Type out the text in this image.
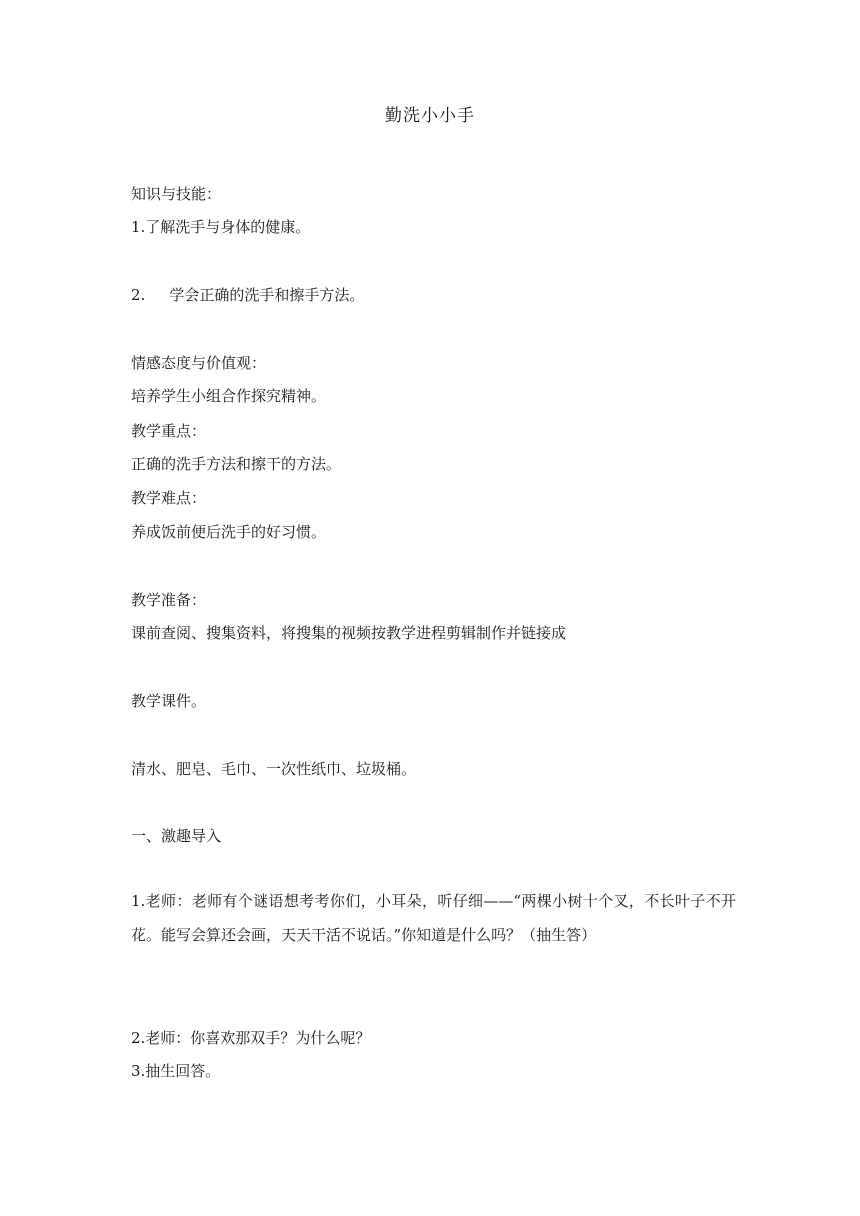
勤洗小小手
知识与技能：
1.了解洗手与身体的健康。
2. 学会正确的洗手和擦手方法。
情感态度与价值观：
培养学生小组合作探究精神。
教学重点：
正确的洗手方法和擦干的方法。
教学难点：
养成饭前便后洗手的好习惯。
教学准备：
课前查阅、搜集资料，将搜集的视频按教学进程剪辑制作并链接成
教学课件。
清水、肥皂、毛巾、一次性纸巾、垃圾桶。
一、激趣导入
1.老师：老师有个谜语想考考你们，小耳朵，听仔细——“两棵小树十个叉，不长叶子不开花。能写会算还会画，天天干活不说话。”你知道是什么吗？（抽生答）
2.老师：你喜欢那双手？为什么呢？
3.抽生回答。
